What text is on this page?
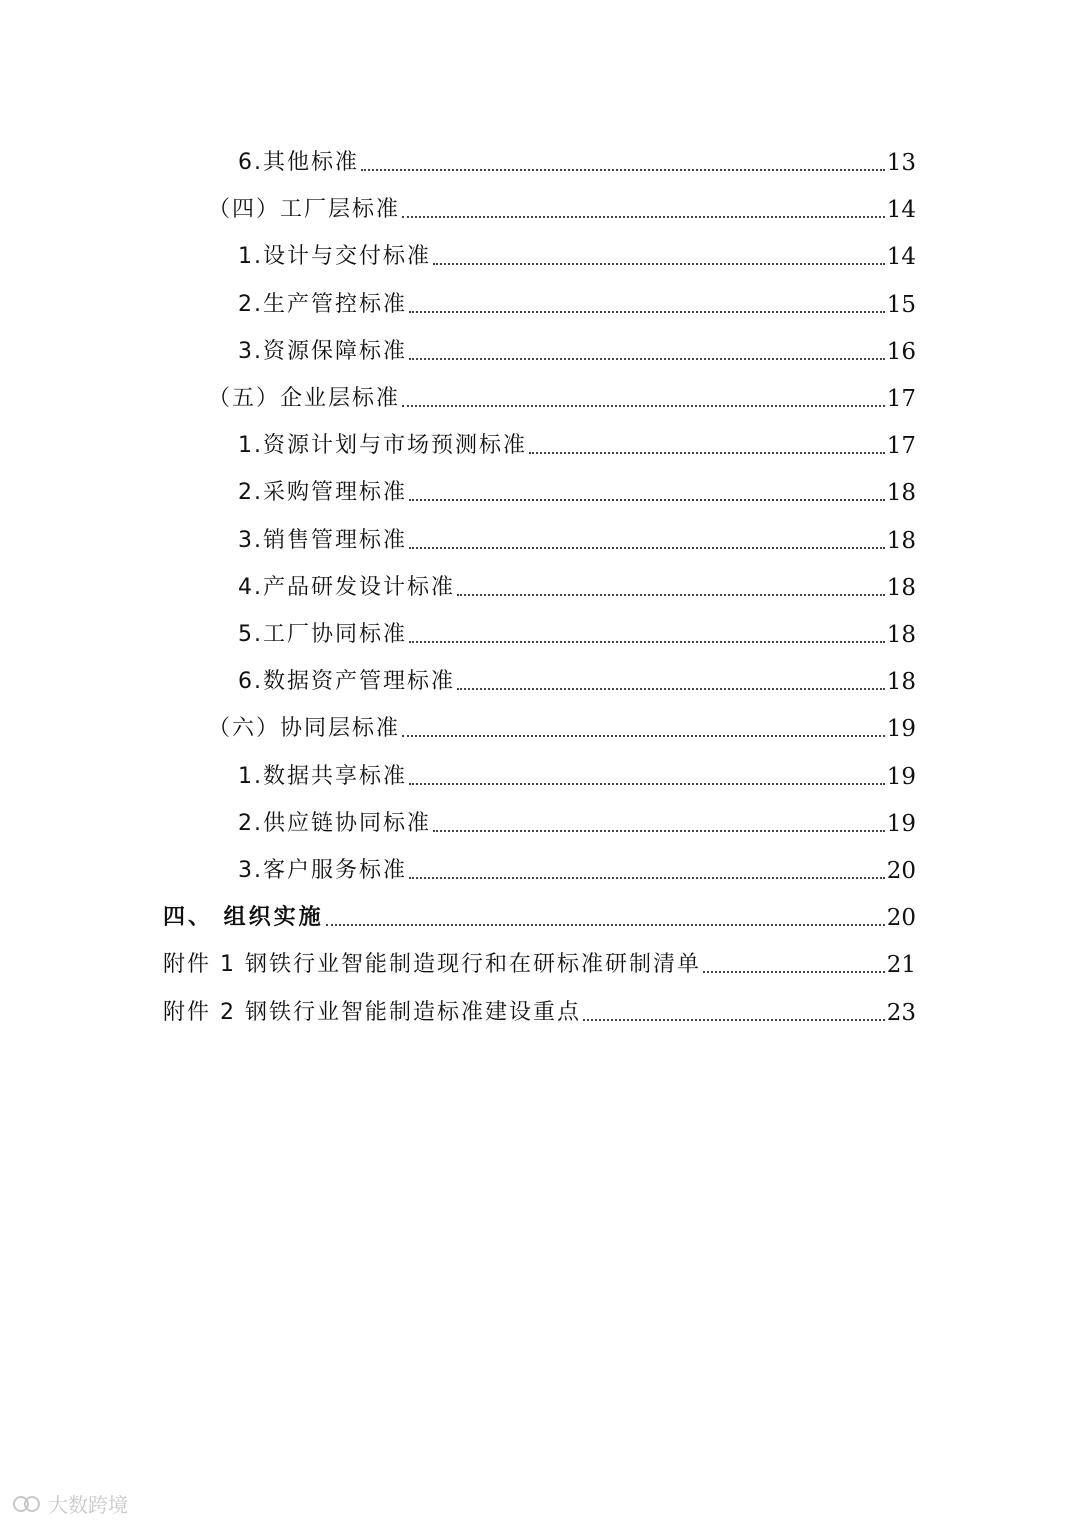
6.其他标准	13
（四）工厂层标准	14
1.设计与交付标准	14
2.生产管控标准	15
3.资源保障标准	16
（五）企业层标准	17
1.资源计划与市场预测标准	17
2.采购管理标准	18
3.销售管理标准	18
4.产品研发设计标准	18
5.工厂协同标准	18
6.数据资产管理标准	18
（六）协同层标准	19
1.数据共享标准	19
2.供应链协同标准	19
3.客户服务标准	20
四、 组织实施	20
附件 1 钢铁行业智能制造现行和在研标准研制清单	21
附件 2 钢铁行业智能制造标准建设重点	23
大数跨境
